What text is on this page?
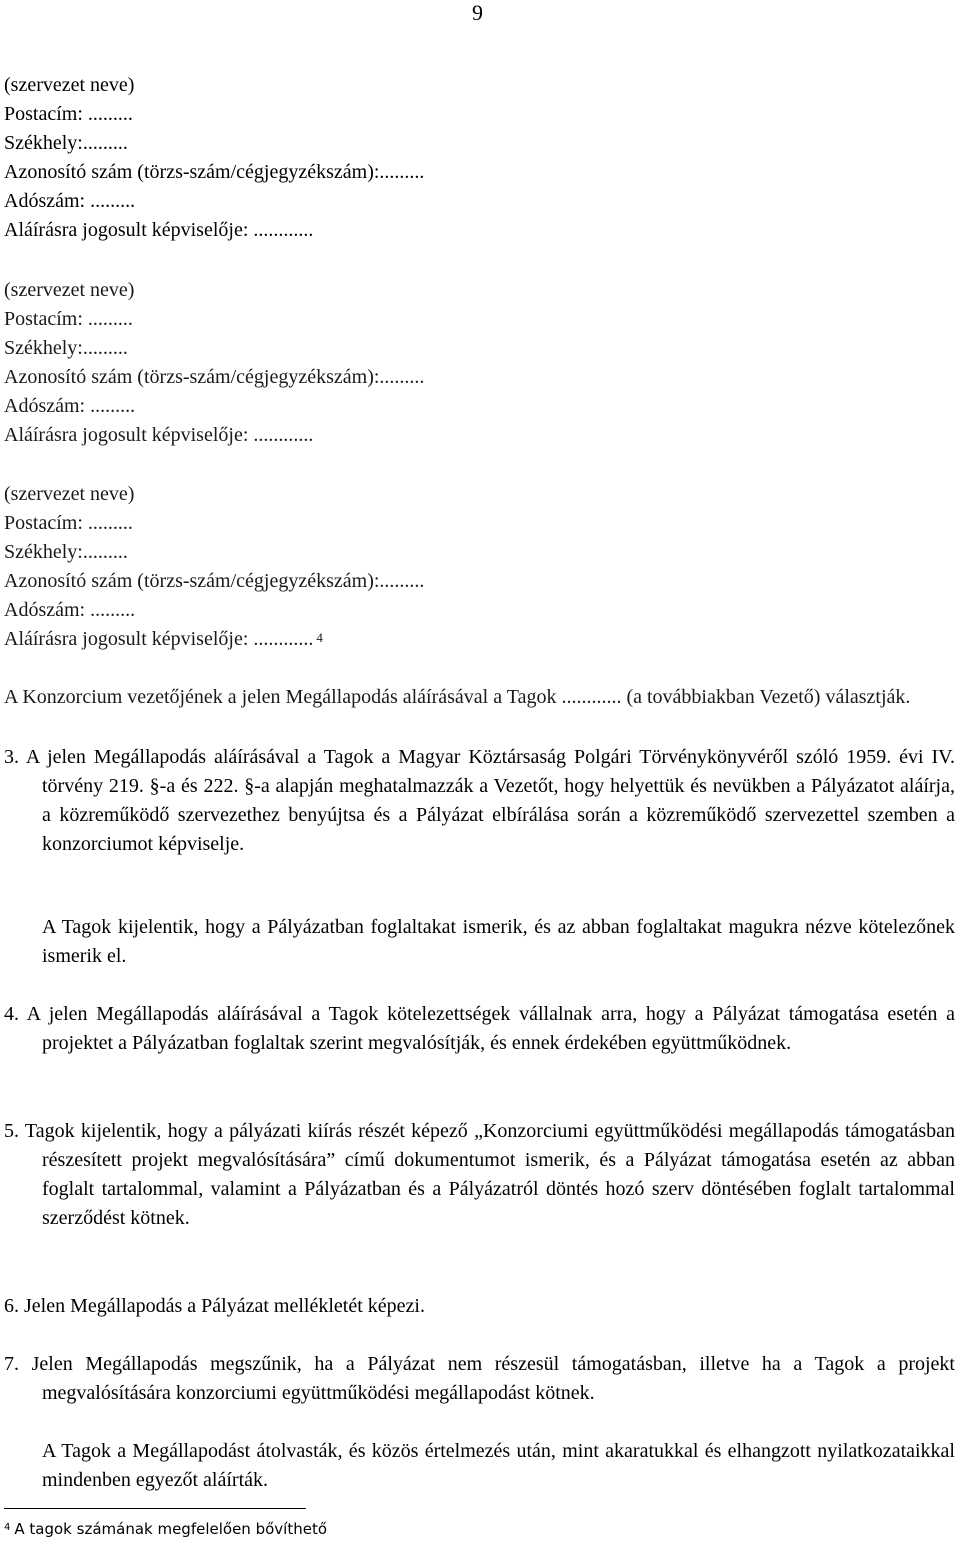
9
(szervezet neve)
Postacím: .........
Székhely:.........
Azonosító szám (törzs-szám/cégjegyzékszám):.........
Adószám: .........
Aláírásra jogosult képviselője: ............
(szervezet neve)
Postacím: .........
Székhely:.........
Azonosító szám (törzs-szám/cégjegyzékszám):.........
Adószám: .........
Aláírásra jogosult képviselője: ............
(szervezet neve)
Postacím: .........
Székhely:.........
Azonosító szám (törzs-szám/cégjegyzékszám):.........
Adószám: .........
Aláírásra jogosult képviselője: ............ $^4$
A Konzorcium vezetőjének a jelen Megállapodás aláírásával a Tagok ............ (a továbbiakban Vezető) választják.
3. A jelen Megállapodás aláírásával a Tagok a Magyar Köztársaság Polgári Törvénykönyvéről szóló 1959. évi IV. törvény 219. §-a és 222. §-a alapján meghatalmazzák a Vezetőt, hogy helyettük és nevükben a Pályázatot aláírja, a közreműködő szervezethez benyújtsa és a Pályázat elbírálása során a közreműködő szervezettel szemben a konzorciumot képviselje.
A Tagok kijelentik, hogy a Pályázatban foglaltakat ismerik, és az abban foglaltakat magukra nézve kötelezőnek ismerik el.
4. A jelen Megállapodás aláírásával a Tagok kötelezettségek vállalnak arra, hogy a Pályázat támogatása esetén a projektet a Pályázatban foglaltak szerint megvalósítják, és ennek érdekében együttműködnek.
5. Tagok kijelentik, hogy a pályázati kiírás részét képező „Konzorciumi együttműködési megállapodás támogatásban részesített projekt megvalósítására” című dokumentumot ismerik, és a Pályázat támogatása esetén az abban foglalt tartalommal, valamint a Pályázatban és a Pályázatról döntés hozó szerv döntésében foglalt tartalommal szerződést kötnek.
6. Jelen Megállapodás a Pályázat mellékletét képezi.
7. Jelen Megállapodás megszűnik, ha a Pályázat nem részesül támogatásban, illetve ha a Tagok a projekt megvalósítására konzorciumi együttműködési megállapodást kötnek.
A Tagok a Megállapodást átolvasták, és közös értelmezés után, mint akaratukkal és elhangzott nyilatkozataikkal mindenben egyezőt aláírták.
$^4$ A tagok számának megfelelően bővíthető
